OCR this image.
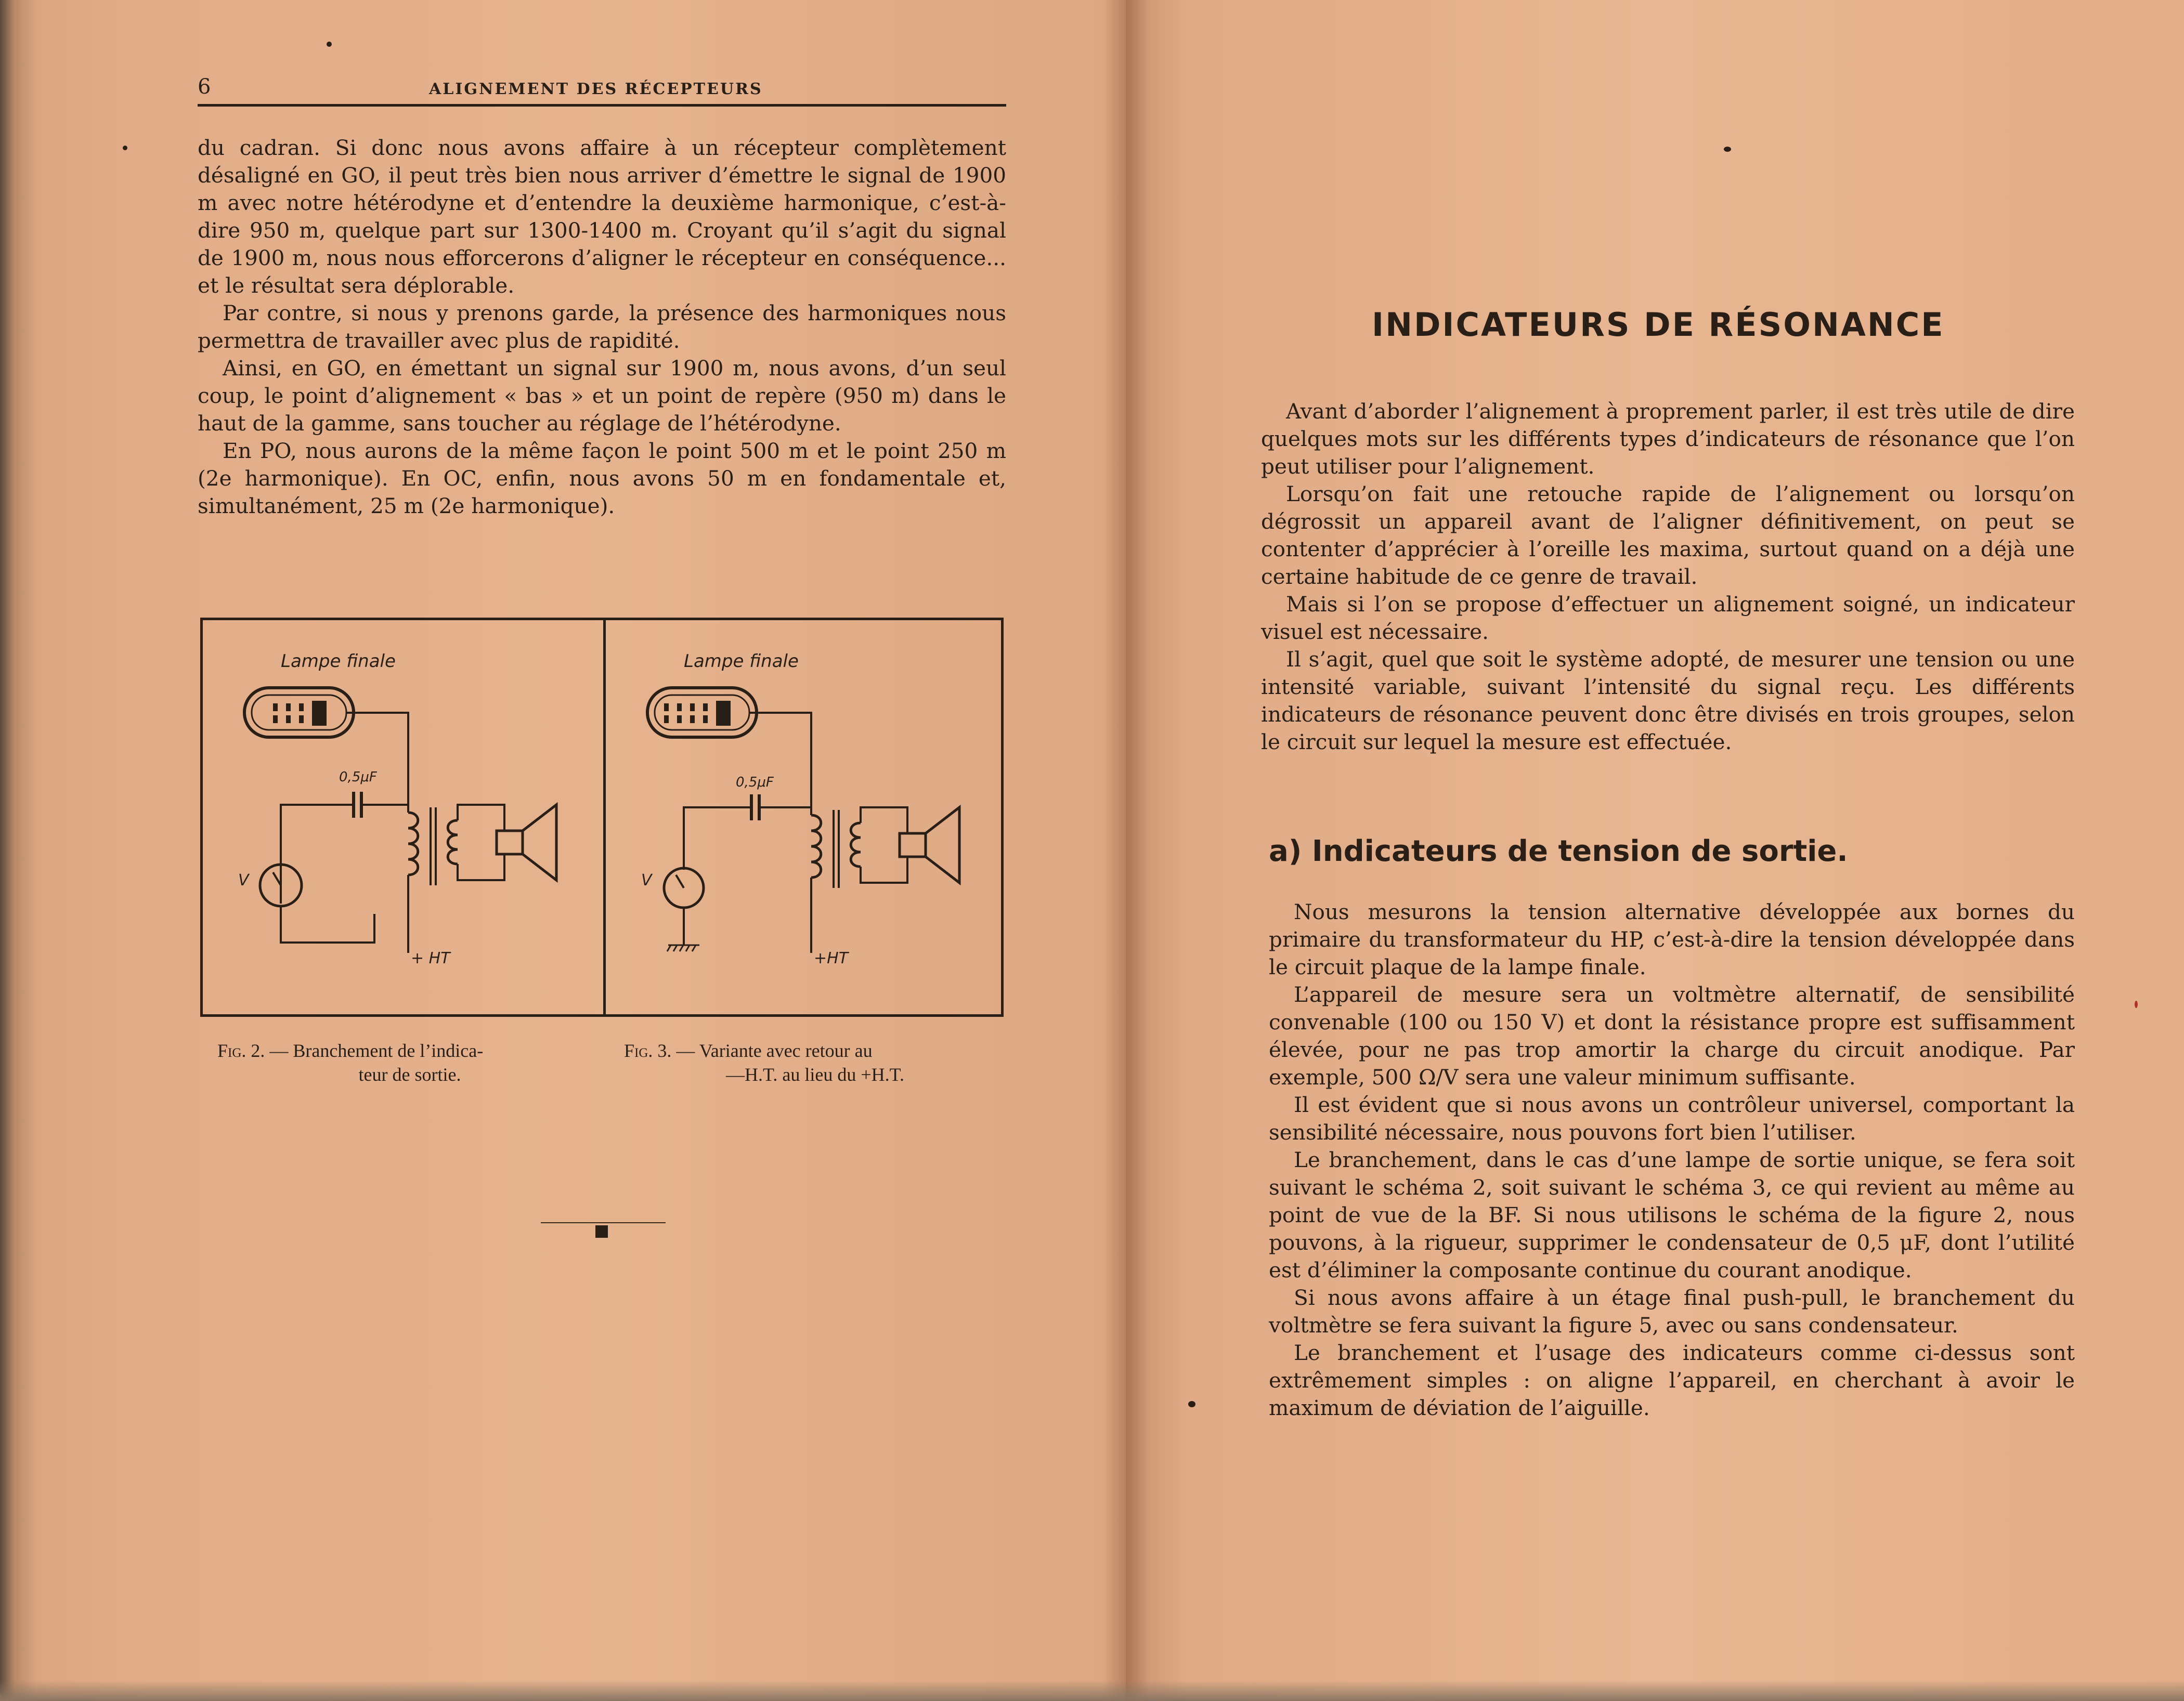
6	ALIGNEMENT DES RÉCEPTEURS

du cadran. Si donc nous avons affaire à un récepteur complètement désaligné en GO, il peut très bien nous arriver d’émettre le signal de 1900 m avec notre hétérodyne et d’entendre la deuxième harmonique, c’est-à-dire 950 m, quelque part sur 1300-1400 m. Croyant qu’il s’agit du signal de 1900 m, nous nous efforcerons d’aligner le récepteur en conséquence... et le résultat sera déplorable.

Par contre, si nous y prenons garde, la présence des harmoniques nous permettra de travailler avec plus de rapidité.

Ainsi, en GO, en émettant un signal sur 1900 m, nous avons, d’un seul coup, le point d’alignement « bas » et un point de repère (950 m) dans le haut de la gamme, sans toucher au réglage de l’hétérodyne.

En PO, nous aurons de la même façon le point 500 m et le point 250 m (2e harmonique). En OC, enfin, nous avons 50 m en fondamentale et, simultanément, 25 m (2e harmonique).

Lampe finale
0,5μF
+ HT
V
Lampe finale
0,5μF
+HT
V
Fig. 2. — Branchement de l’indica-
teur de sortie.
Fig. 3. — Variante avec retour au
—H.T. au lieu du +H.T.
INDICATEURS DE RÉSONANCE

Avant d’aborder l’alignement à proprement parler, il est très utile de dire quelques mots sur les différents types d’indicateurs de résonance que l’on peut utiliser pour l’alignement.

Lorsqu’on fait une retouche rapide de l’alignement ou lorsqu’on dégrossit un appareil avant de l’aligner définitivement, on peut se contenter d’apprécier à l’oreille les maxima, surtout quand on a déjà une certaine habitude de ce genre de travail.

Mais si l’on se propose d’effectuer un alignement soigné, un indicateur visuel est nécessaire.

Il s’agit, quel que soit le système adopté, de mesurer une tension ou une intensité variable, suivant l’intensité du signal reçu. Les différents indicateurs de résonance peuvent donc être divisés en trois groupes, selon le circuit sur lequel la mesure est effectuée.

a) Indicateurs de tension de sortie.

Nous mesurons la tension alternative développée aux bornes du primaire du transformateur du HP, c’est-à-dire la tension développée dans le circuit plaque de la lampe finale.

L’appareil de mesure sera un voltmètre alternatif, de sensibilité convenable (100 ou 150 V) et dont la résistance propre est suffisamment élevée, pour ne pas trop amortir la charge du circuit anodique. Par exemple, 500 Ω/V sera une valeur minimum suffisante.

Il est évident que si nous avons un contrôleur universel, comportant la sensibilité nécessaire, nous pouvons fort bien l’utiliser.

Le branchement, dans le cas d’une lampe de sortie unique, se fera soit suivant le schéma 2, soit suivant le schéma 3, ce qui revient au même au point de vue de la BF. Si nous utilisons le schéma de la figure 2, nous pouvons, à la rigueur, supprimer le condensateur de 0,5 μF, dont l’utilité est d’éliminer la composante continue du courant anodique.

Si nous avons affaire à un étage final push-pull, le branchement du voltmètre se fera suivant la figure 5, avec ou sans condensateur.

Le branchement et l’usage des indicateurs comme ci-dessus sont extrêmement simples : on aligne l’appareil, en cherchant à avoir le maximum de déviation de l’aiguille.
